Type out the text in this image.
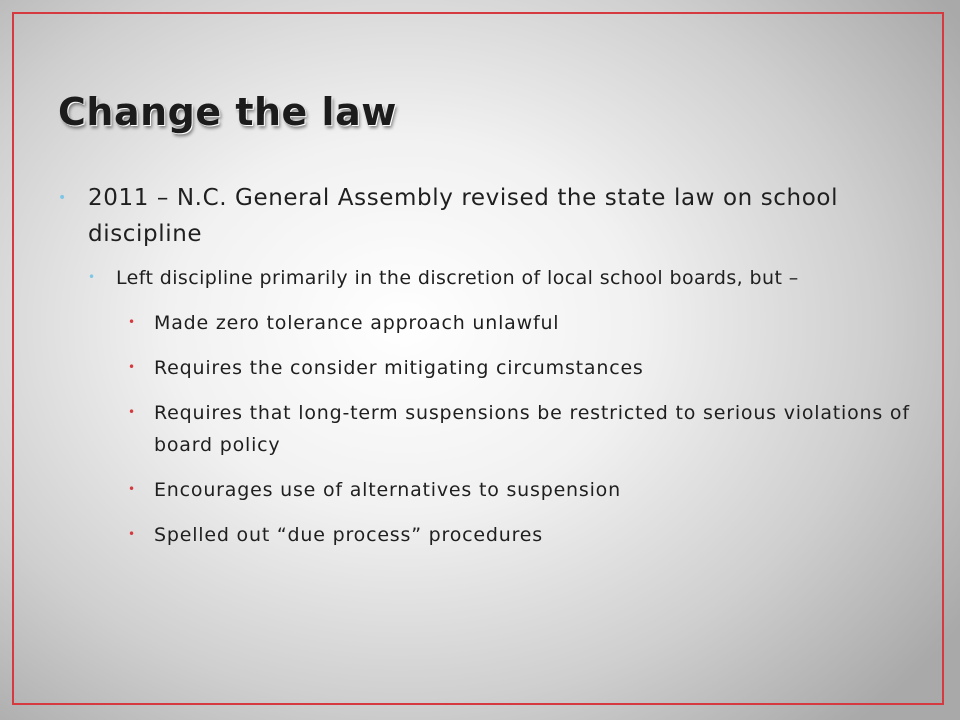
Change the law
• 2011 – N.C. General Assembly revised the state law on school discipline
• Left discipline primarily in the discretion of local school boards, but –
• Made zero tolerance approach unlawful
• Requires the consider mitigating circumstances
• Requires that long-term suspensions be restricted to serious violations of board policy
• Encourages use of alternatives to suspension
• Spelled out “due process” procedures
